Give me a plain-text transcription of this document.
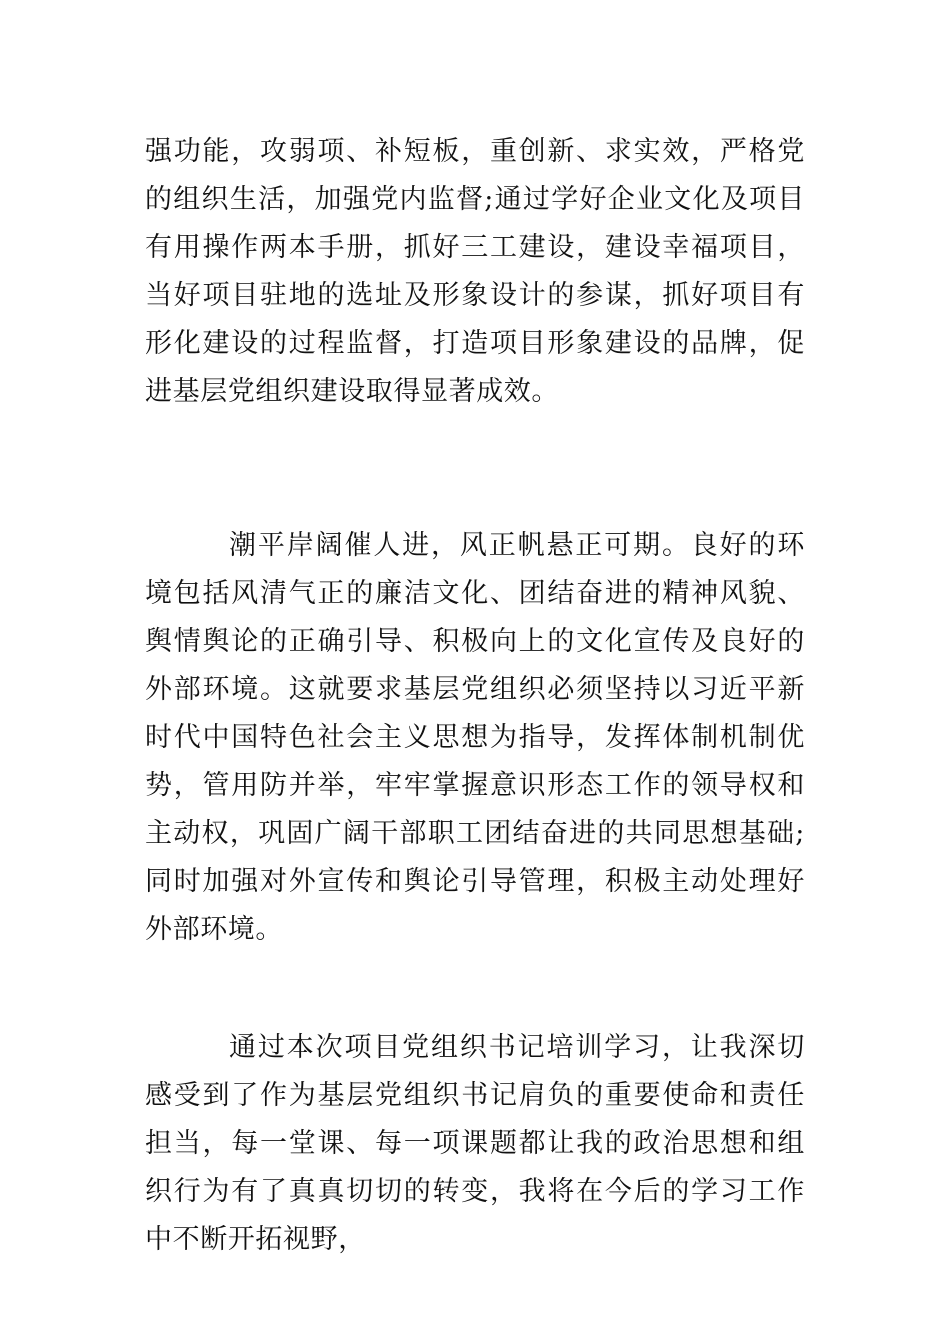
强功能，攻弱项、补短板，重创新、求实效，严格党的组织生活，加强党内监督;通过学好企业文化及项目有用操作两本手册，抓好三工建设，建设幸福项目，当好项目驻地的选址及形象设计的参谋，抓好项目有形化建设的过程监督，打造项目形象建设的品牌，促进基层党组织建设取得显著成效。

潮平岸阔催人进，风正帆悬正可期。良好的环境包括风清气正的廉洁文化、团结奋进的精神风貌、舆情舆论的正确引导、积极向上的文化宣传及良好的外部环境。这就要求基层党组织必须坚持以习近平新时代中国特色社会主义思想为指导，发挥体制机制优势，管用防并举，牢牢掌握意识形态工作的领导权和主动权，巩固广阔干部职工团结奋进的共同思想基础;同时加强对外宣传和舆论引导管理，积极主动处理好外部环境。

通过本次项目党组织书记培训学习，让我深切感受到了作为基层党组织书记肩负的重要使命和责任担当，每一堂课、每一项课题都让我的政治思想和组织行为有了真真切切的转变，我将在今后的学习工作中不断开拓视野，
